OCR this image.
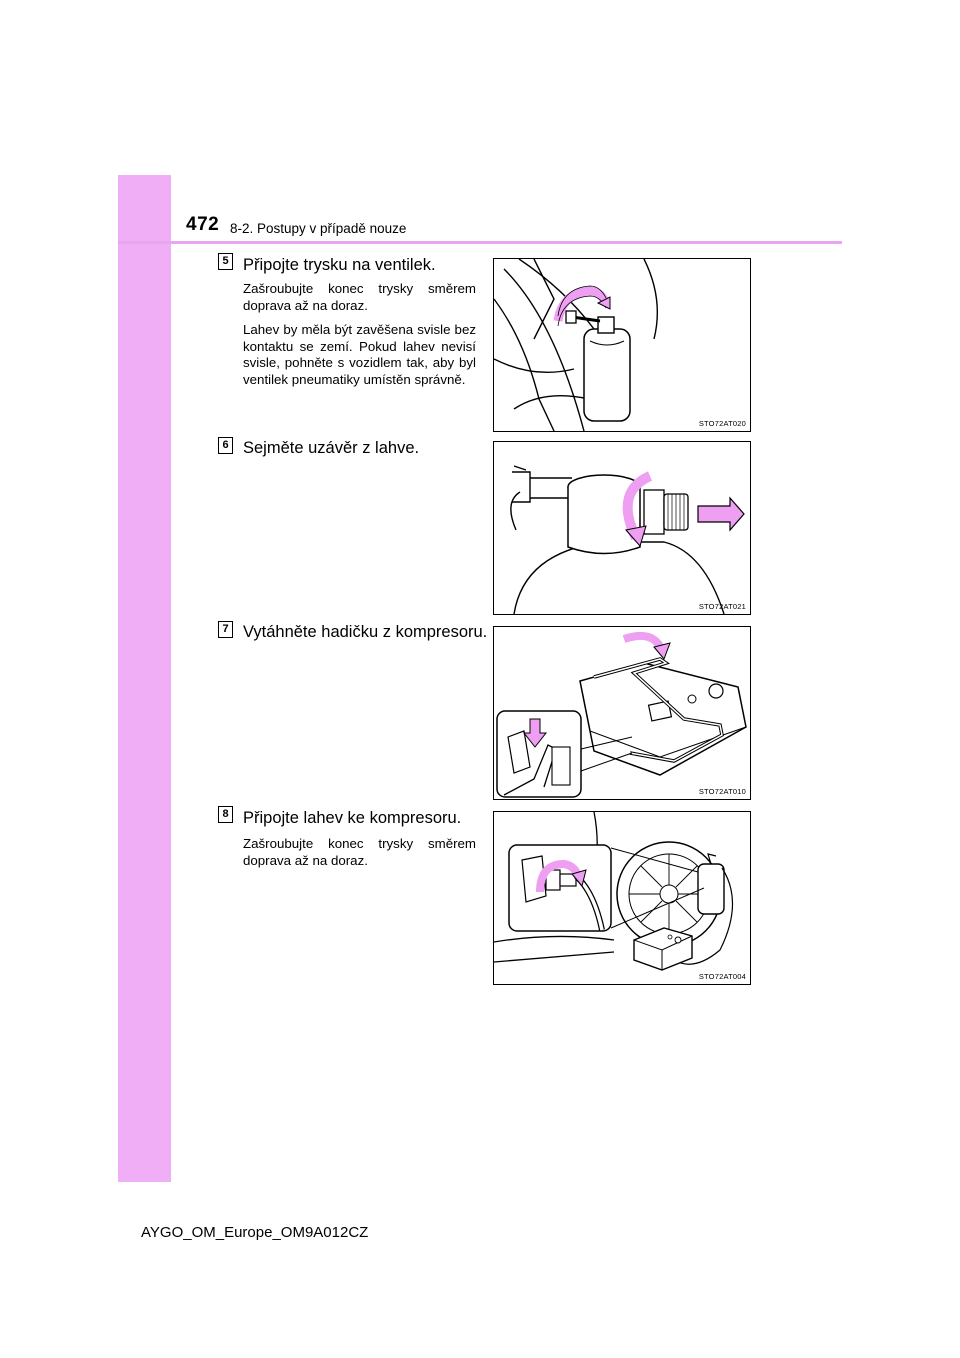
472 8-2. Postupy v případě nouze
5 Připojte trysku na ventilek.

Zašroubujte konec trysky směrem doprava až na doraz.

Lahev by měla být zavěšena svisle bez kontaktu se zemí. Pokud lahev nevisí svisle, pohněte s vozidlem tak, aby byl ventilek pneumatiky umístěn správně.

STO72AT020
6 Sejměte uzávěr z lahve.
STO72AT021
7 Vytáhněte hadičku z kompresoru.
STO72AT010
8 Připojte lahev ke kompresoru.

Zašroubujte konec trysky směrem doprava až na doraz.

STO72AT004
AYGO_OM_Europe_OM9A012CZ
